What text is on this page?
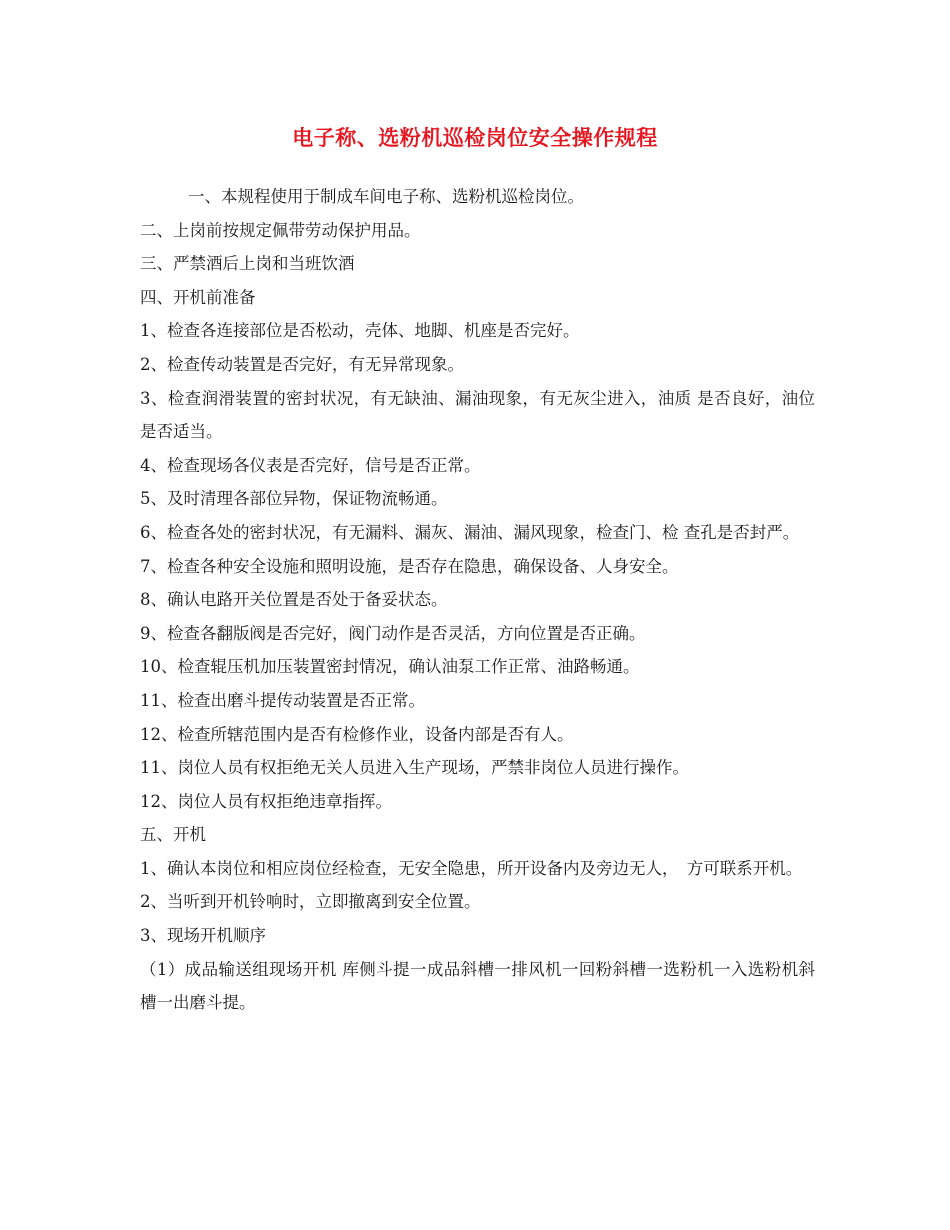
电子称、选粉机巡检岗位安全操作规程

一、本规程使用于制成车间电子称、选粉机巡检岗位。

二、上岗前按规定佩带劳动保护用品。

三、严禁酒后上岗和当班饮酒

四、开机前准备

1、检查各连接部位是否松动，壳体、地脚、机座是否完好。

2、检查传动装置是否完好，有无异常现象。

3、检查润滑装置的密封状况，有无缺油、漏油现象，有无灰尘进入，油质 是否良好，油位是否适当。

4、检查现场各仪表是否完好，信号是否正常。

5、及时清理各部位异物，保证物流畅通。

6、检查各处的密封状况，有无漏料、漏灰、漏油、漏风现象，检查门、检 查孔是否封严。

7、检查各种安全设施和照明设施，是否存在隐患，确保设备、人身安全。

8、确认电路开关位置是否处于备妥状态。

9、检查各翻版阀是否完好，阀门动作是否灵活，方向位置是否正确。

10、检查辊压机加压装置密封情况，确认油泵工作正常、油路畅通。

11、检查出磨斗提传动装置是否正常。

12、检查所辖范围内是否有检修作业，设备内部是否有人。

11、岗位人员有权拒绝无关人员进入生产现场，严禁非岗位人员进行操作。

12、岗位人员有权拒绝违章指挥。

五、开机

1、确认本岗位和相应岗位经检查，无安全隐患，所开设备内及旁边无人，　方可联系开机。

2、当听到开机铃响时，立即撤离到安全位置。

3、现场开机顺序

（1）成品输送组现场开机 库侧斗提一成品斜槽一排风机一回粉斜槽一选粉机一入选粉机斜槽一出磨斗提。
